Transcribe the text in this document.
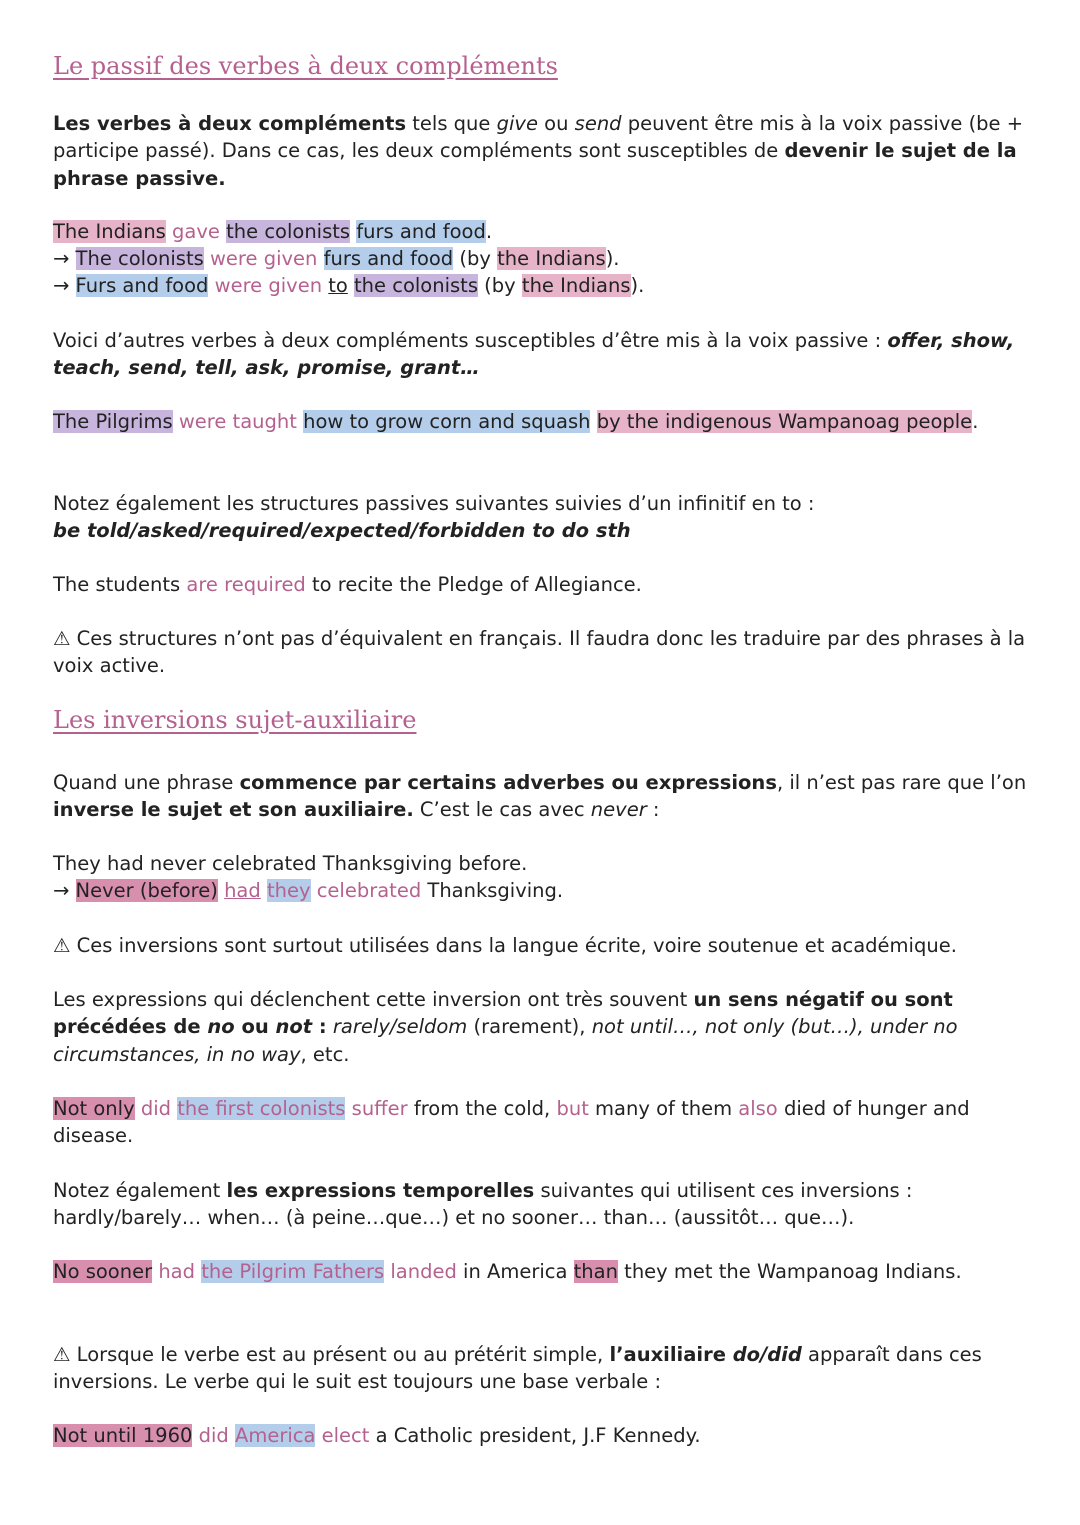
Le passif des verbes à deux compléments

Les verbes à deux compléments tels que give ou send peuvent être mis à la voix passive (be + participe passé). Dans ce cas, les deux compléments sont susceptibles de devenir le sujet de la phrase passive.

The Indians gave the colonists furs and food.

→ The colonists were given furs and food (by the Indians).

→ Furs and food were given to the colonists (by the Indians).

Voici d’autres verbes à deux compléments susceptibles d’être mis à la voix passive : offer, show, teach, send, tell, ask, promise, grant…

The Pilgrims were taught how to grow corn and squash by the indigenous Wampanoag people.

Notez également les structures passives suivantes suivies d’un infinitif en to :
be told/asked/required/expected/forbidden to do sth

The students are required to recite the Pledge of Allegiance.

⚠ Ces structures n’ont pas d’équivalent en français. Il faudra donc les traduire par des phrases à la voix active.

Les inversions sujet-auxiliaire

Quand une phrase commence par certains adverbes ou expressions, il n’est pas rare que l’on inverse le sujet et son auxiliaire. C’est le cas avec never :

They had never celebrated Thanksgiving before.

→ Never (before) had they celebrated Thanksgiving.

⚠ Ces inversions sont surtout utilisées dans la langue écrite, voire soutenue et académique.

Les expressions qui déclenchent cette inversion ont très souvent un sens négatif ou sont précédées de no ou not : rarely/seldom (rarement), not until…, not only (but…), under no circumstances, in no way, etc.

Not only did the first colonists suffer from the cold, but many of them also died of hunger and disease.

Notez également les expressions temporelles suivantes qui utilisent ces inversions : hardly/barely… when… (à peine…que…) et no sooner… than… (aussitôt… que…).

No sooner had the Pilgrim Fathers landed in America than they met the Wampanoag Indians.

⚠ Lorsque le verbe est au présent ou au prétérit simple, l’auxiliaire do/did apparaît dans ces inversions. Le verbe qui le suit est toujours une base verbale :

Not until 1960 did America elect a Catholic president, J.F Kennedy.
